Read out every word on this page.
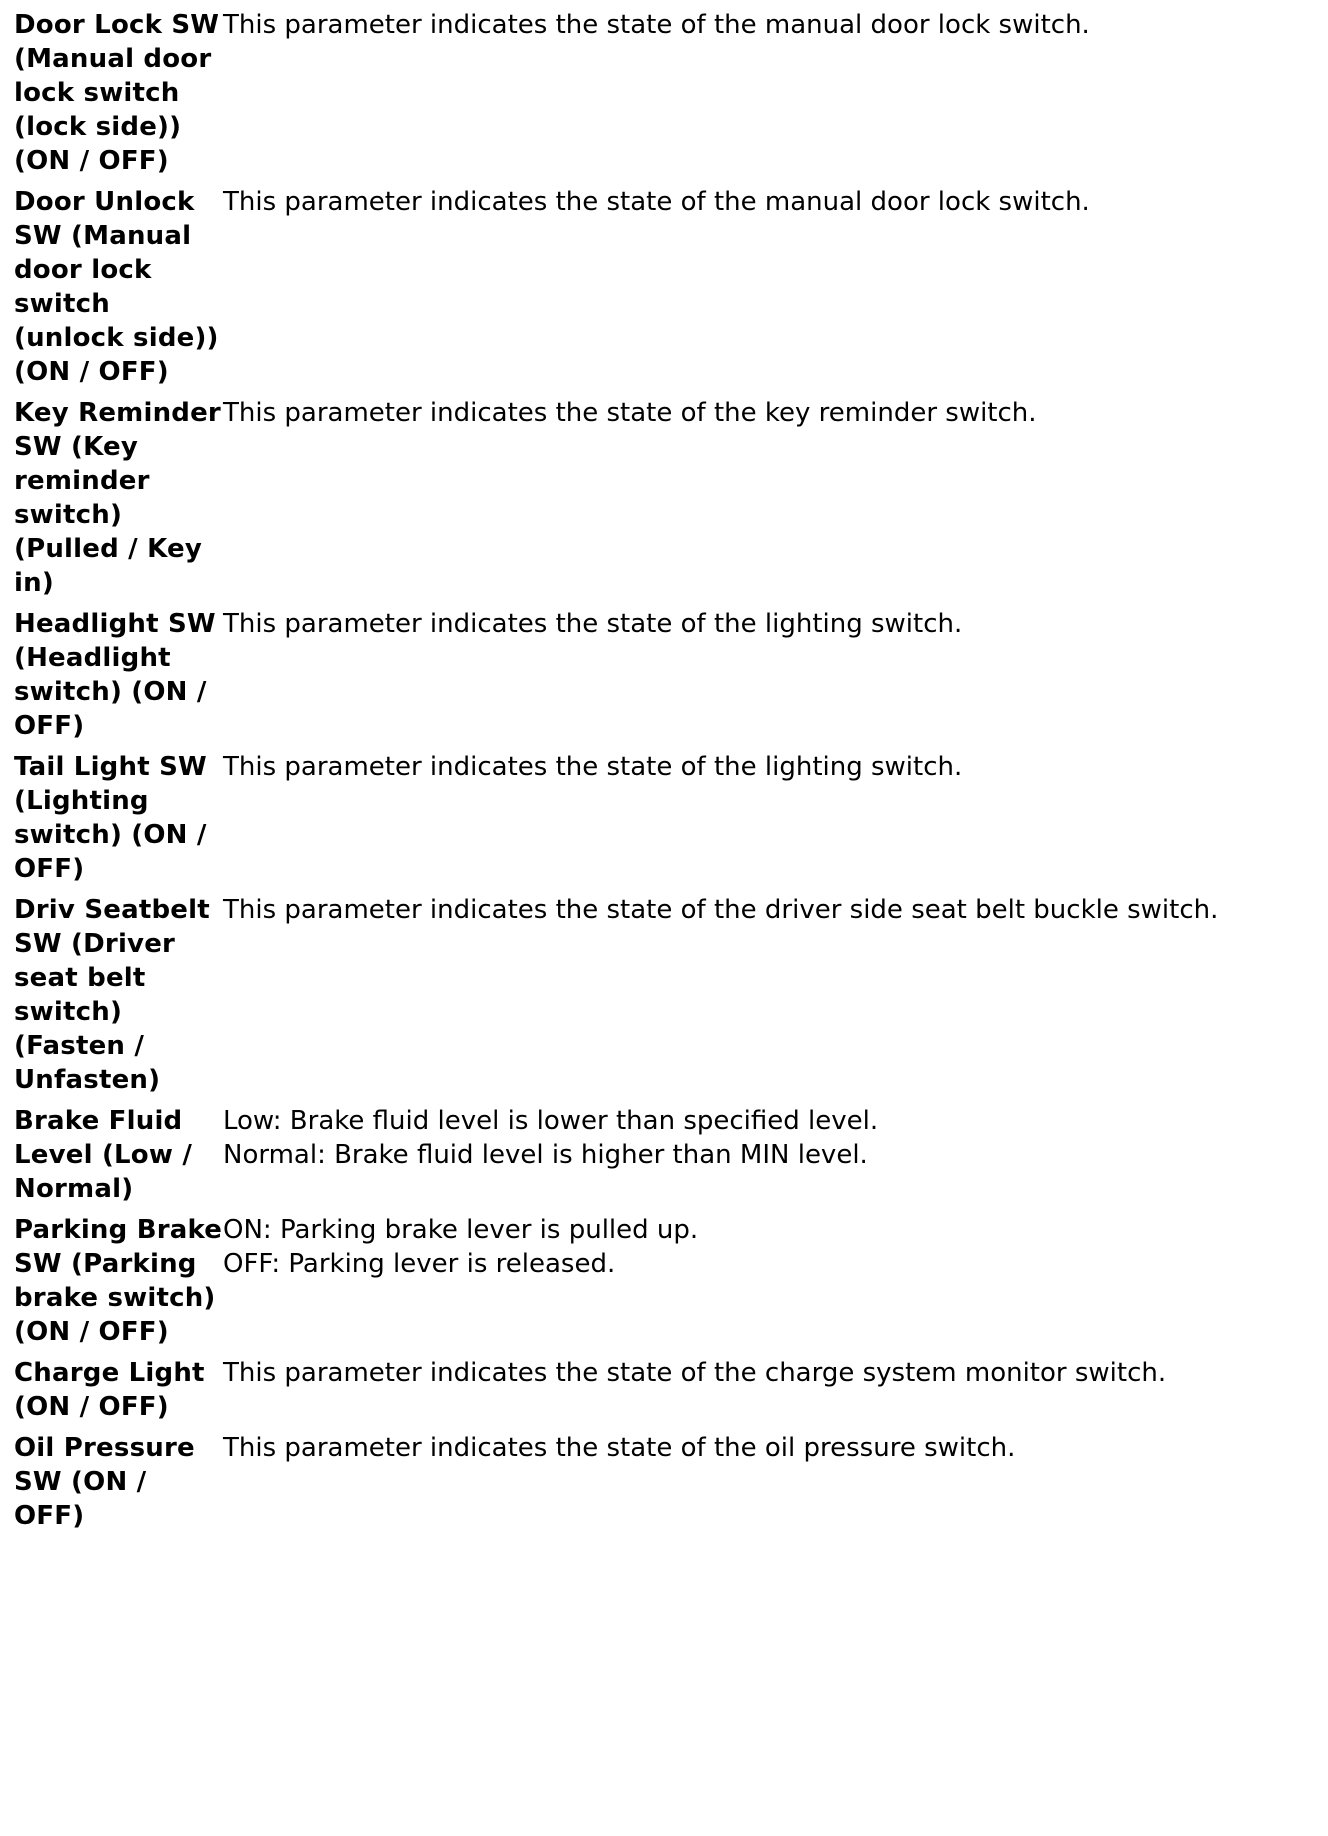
Door Lock SW (Manual door lock switch (lock side)) (ON / OFF)
This parameter indicates the state of the manual door lock switch.
Door Unlock SW (Manual door lock switch (unlock side)) (ON / OFF)
This parameter indicates the state of the manual door lock switch.
Key Reminder SW (Key reminder switch) (Pulled / Key in)
This parameter indicates the state of the key reminder switch.
Headlight SW (Headlight switch) (ON / OFF)
This parameter indicates the state of the lighting switch.
Tail Light SW (Lighting switch) (ON / OFF)
This parameter indicates the state of the lighting switch.
Driv Seatbelt SW (Driver seat belt switch) (Fasten / Unfasten)
This parameter indicates the state of the driver side seat belt buckle switch.
Brake Fluid Level (Low / Normal)
Low: Brake fluid level is lower than specified level.
Normal: Brake fluid level is higher than MIN level.
Parking Brake SW (Parking brake switch) (ON / OFF)
ON: Parking brake lever is pulled up.
OFF: Parking lever is released.
Charge Light (ON / OFF)
This parameter indicates the state of the charge system monitor switch.
Oil Pressure SW (ON / OFF)
This parameter indicates the state of the oil pressure switch.
